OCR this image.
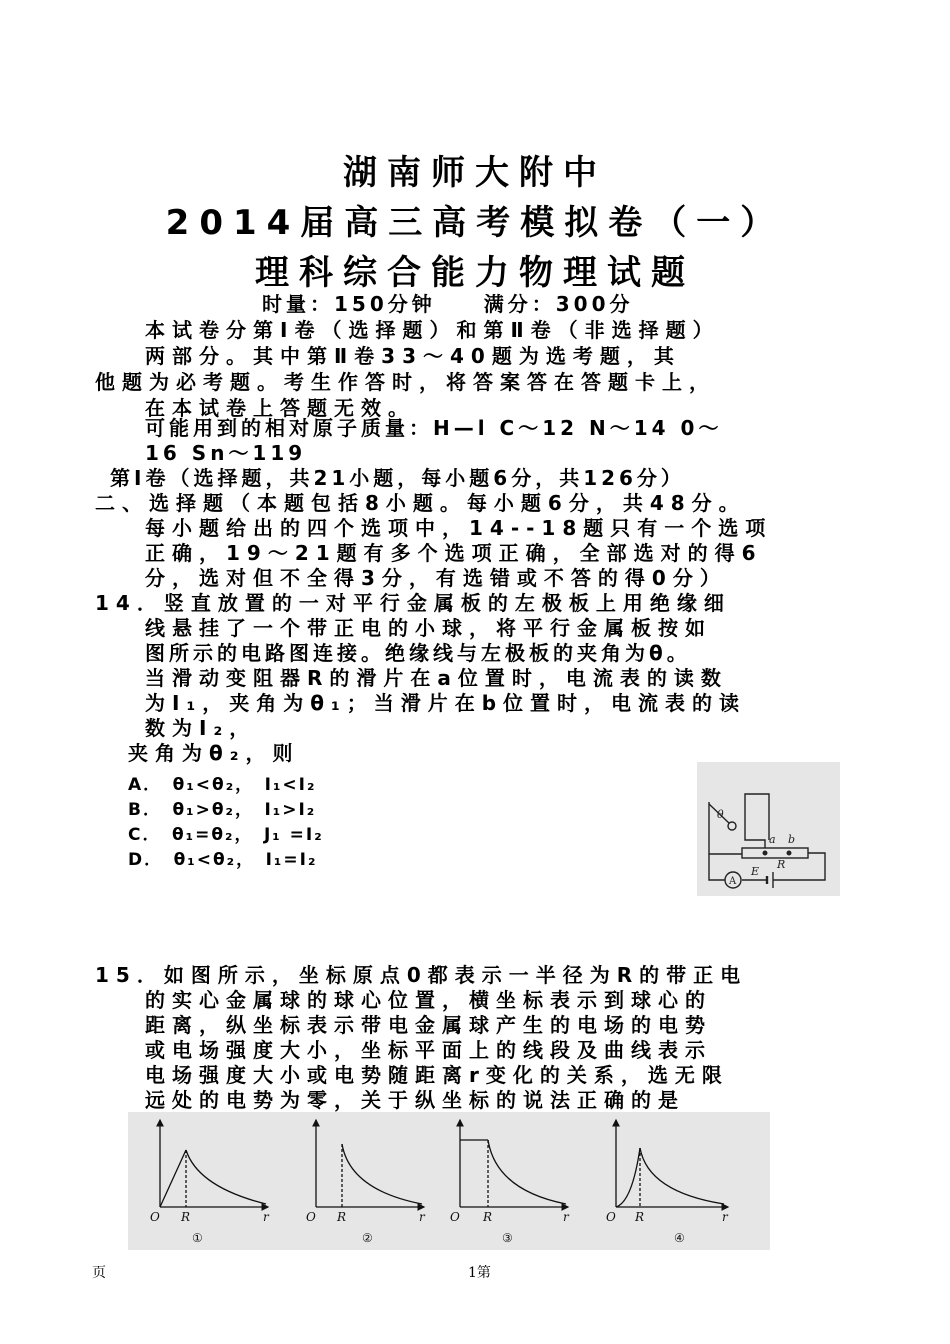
湖南师大附中
2014届高三高考模拟卷（一）
理科综合能力物理试题
时量：150分钟　　满分：300分
本试卷分第Ⅰ卷（选择题）和第Ⅱ卷（非选择题）
两部分。其中第Ⅱ卷33～40题为选考题，其
他题为必考题。考生作答时，将答案答在答题卡上，
在本试卷上答题无效。
可能用到的相对原子质量：H—l C～12 N～14 0～
16 Sn～119
第Ⅰ卷（选择题，共21小题，每小题6分，共126分）
二、选择题（本题包括8小题。每小题6分，共48分。
每小题给出的四个选项中，14--18题只有一个选项
正确，19～21题有多个选项正确，全部选对的得6
分，选对但不全得3分，有选错或不答的得0分）
14．竖直放置的一对平行金属板的左极板上用绝缘细
线悬挂了一个带正电的小球，将平行金属板按如
图所示的电路图连接。绝缘线与左极板的夹角为θ。
当滑动变阻器R的滑片在a位置时，电流表的读数
为I₁，夹角为θ₁；当滑片在b位置时，电流表的读
数为I₂，
夹角为θ₂，则
A．　θ₁<θ₂，　I₁<I₂
B．　θ₁>θ₂，　I₁>I₂
C．　θ₁=θ₂，　J₁ =I₂
D．　θ₁<θ₂，　I₁=I₂
θ
a b
R
E
A
15．如图所示，坐标原点0都表示一半径为R的带正电
的实心金属球的球心位置，横坐标表示到球心的
距离，纵坐标表示带电金属球产生的电场的电势
或电场强度大小，坐标平面上的线段及曲线表示
电场强度大小或电势随距离r变化的关系，选无限
远处的电势为零，关于纵坐标的说法正确的是
O R	r
①
O R	r
②
O R	r
③
O R	r
④
页	1第
